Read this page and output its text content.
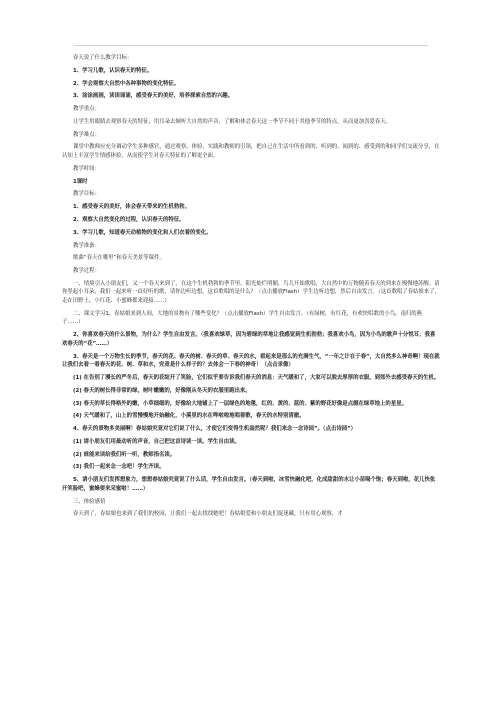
春天说了什么教学目标：

1、学习儿歌，认识春天的特征。

2、学会观察大自然中各种事物的变化特征。

3、涂涂画画，读读诵诵，感受春天的美好，培养探索自然的兴趣。

教学重点：

让学生用眼睛去观察春天的特征，用耳朵去倾听大自然的声音，了解和体会春天这一季节不同于其他季节的特点，从而更加喜爱春天。

教学难点：

课堂中教师应充分调动学生多种感官，通过观察、体验、实践和教师的引领，把自己在生活中所看到的、听到的、闻到的、感受到的和同学们交流分享，在认知上丰富学生情感体验，从而使学生对春天特征的了解更全面。

教学时间：

1课时

教学目标：

1、感受春天的美好，体会春天带来的生机勃勃。

2、观察大自然变化的过程，认识春天的特征。

3、学习儿歌，知道春天动植物的变化和人们衣着的变化。

教学准备：

歌曲“春天在哪里”和春天美景等课件。

教学过程：

一、情境引入小朋友们，又一个春天来到了，在这个生机勃勃的季节里，阳光灿烂明媚，鸟儿开始歌唱，大自然中的万物随着春天的到来在慢慢地苏醒。请你竖起小耳朵，我们一起来听一首好听的歌，请你边听边想，这首歌唱的是什么？（点击播放Flash）学生边听边想，然后自由发言。（这首歌唱了春姑娘来了，走在田野上，小红花、小蜜蜂都来迎接……）

二、课文学习1、春姑娘来到人间，大地的景物有了哪些变化？（点击播放Flash）学生自由发言。（有绿树，有红花，有欢快唱歌的小鸟，南归的燕子……）

2、你喜欢春天的什么景物，为什么？学生自由发言。（我喜欢绿草，因为碧绿的草地让我感觉到生机勃勃；我喜欢小鸟，因为小鸟的歌声十分悦耳；我喜欢春天的“花”……）

3、春天是一个万物生长的季节，春天的花、春天的树、春天的草、春天的水，看起来是那么的充满生气，“一年之计在于春”，大自然多么神奇啊！现在就让我们去看一看春天的花、树、草和水，究竟是什么样子的？去体会一下春的神奇！（点击录像）

(1) 在告别了漫长的严冬后，春天的花绽开了笑脸，它们似乎要告诉我们春天的消息：天气暖和了，大家可以脱去厚厚的衣服，到郊外去感受春天的生机。

(2) 春天的树长得非常的绿，树叶嫩嫩的，好像刚从冬天的衣服里跑出来。

(3) 春天的草长得格外的嫩，小草细细的，好像给大地铺上了一层绿色的地毯，红的、黄的、蓝的、紫的野花好像是点缀在绿草地上的星星。

(4) 天气暖和了，山上的雪慢慢地开始融化，小溪里的水在哗啦啦地唱着歌，春天的水特别清澈。

4、春天的景物多美丽啊！春姑娘究竟对它们说了什么，才使它们变得生机盎然呢？我们来念一念诗园”。（点击诗园”）

(1) 请小朋友们用最动听的声音，自己把这首诗读一读。学生自由读。

(2) 谁能来读给我们听一听，教师指名读。

(3) 我们一起来念一念吧！学生齐读。

5、请小朋友们发挥想象力，想想春姑娘究竟说了什么话，学生自由发言。（春天到啦，冰雪快融化吧，化成甜甜的水让小苗喝个饱；春天到啦，花儿快张开笑脸吧，蜜蜂要来采蜜啦！……）

三、体验感悟

春天到了，春姑娘也来到了我们的校园，让我们一起去找找她吧！春姑娘爱和小朋友们捉迷藏，只有用心观察，才
